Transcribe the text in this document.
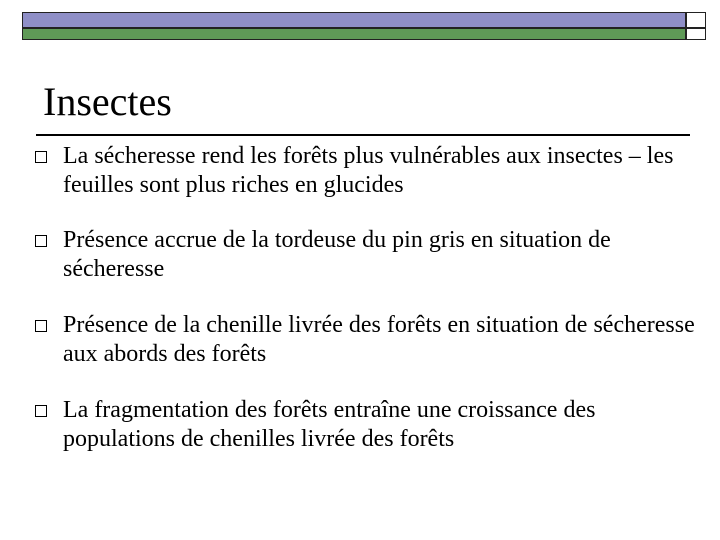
Insectes

La sécheresse rend les forêts plus vulnérables aux insectes – les feuilles sont plus riches en glucides

Présence accrue de la tordeuse du pin gris en situation de sécheresse

Présence de la chenille livrée des forêts en situation de sécheresse aux abords des forêts

La fragmentation des forêts entraîne une croissance des populations de chenilles livrée des forêts
